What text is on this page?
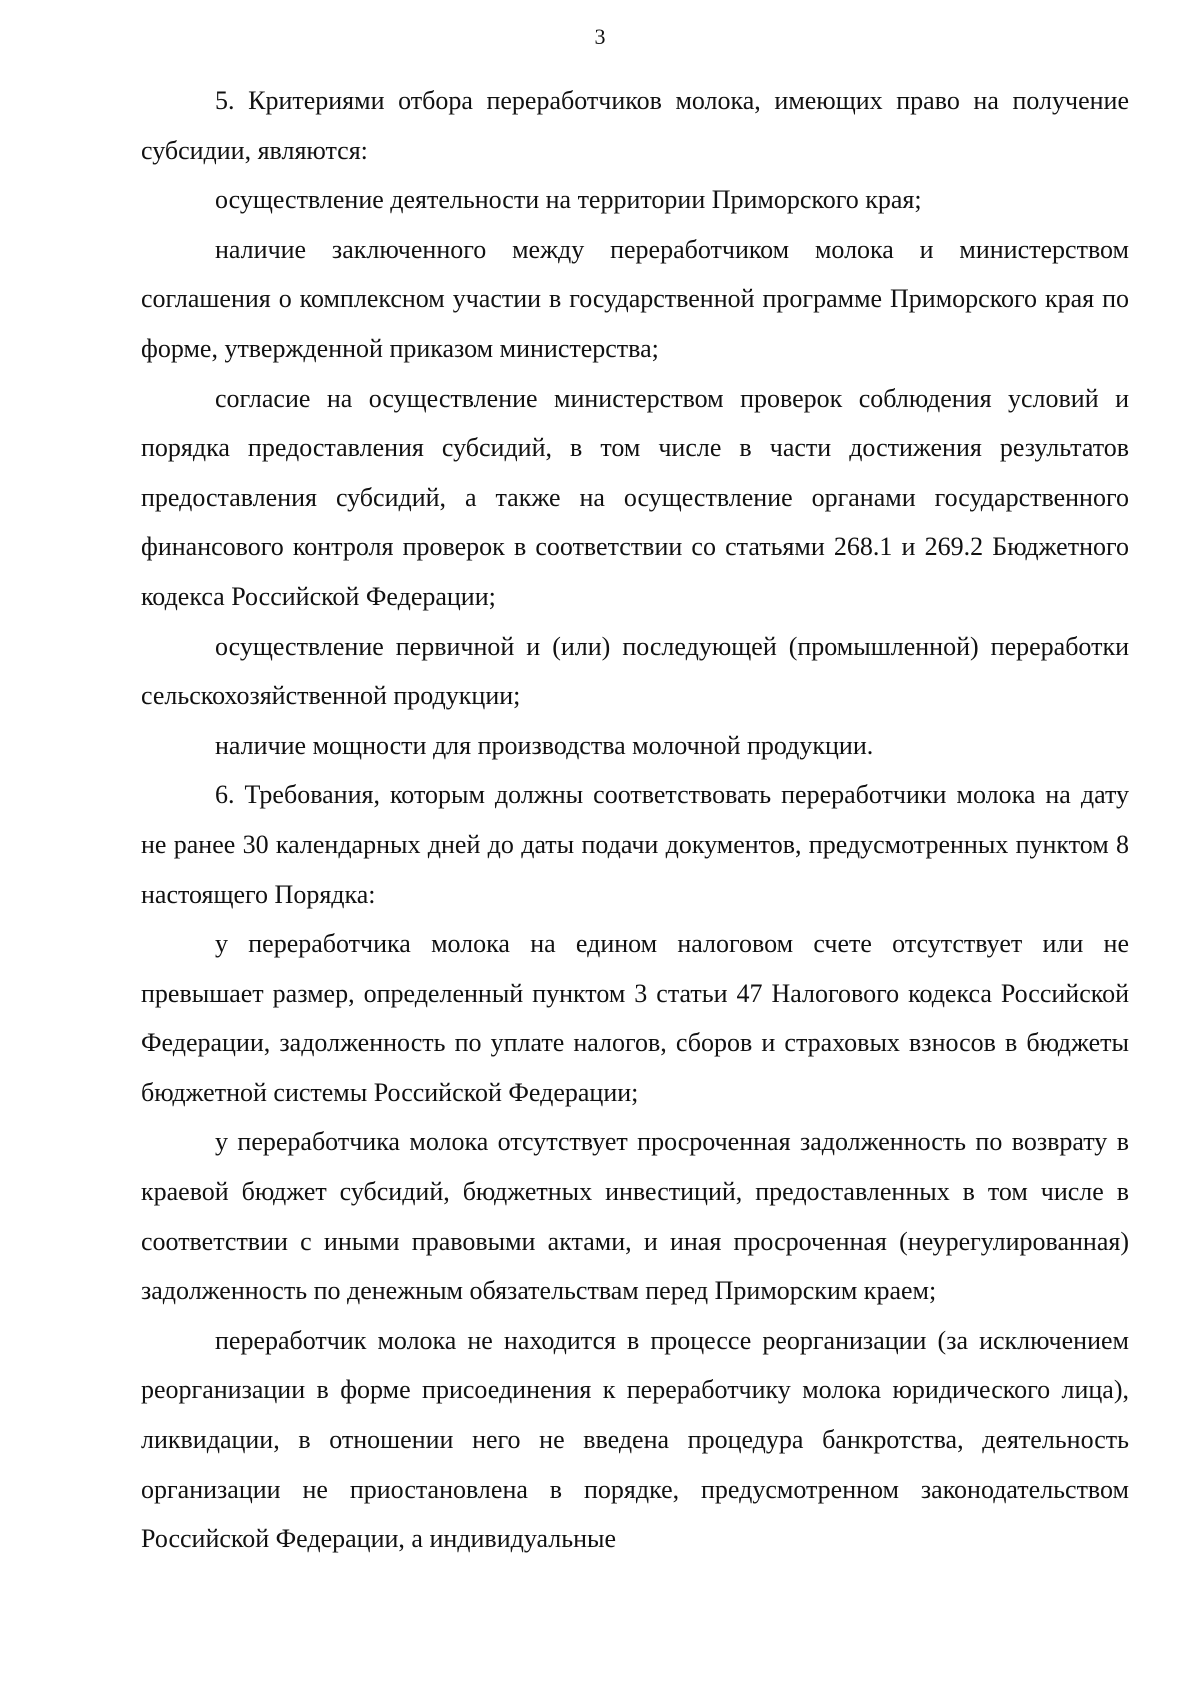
3

5. Критериями отбора переработчиков молока, имеющих право на получение субсидии, являются:

осуществление деятельности на территории Приморского края;

наличие заключенного между переработчиком молока и министерством соглашения о комплексном участии в государственной программе Приморского края по форме, утвержденной приказом министерства;

согласие на осуществление министерством проверок соблюдения условий и порядка предоставления субсидий, в том числе в части достижения результатов предоставления субсидий, а также на осуществление органами государственного финансового контроля проверок в соответствии со статьями 268.1 и 269.2 Бюджетного кодекса Российской Федерации;

осуществление первичной и (или) последующей (промышленной) переработки сельскохозяйственной продукции;

наличие мощности для производства молочной продукции.

6. Требования, которым должны соответствовать переработчики молока на дату не ранее 30 календарных дней до даты подачи документов, предусмотренных пунктом 8 настоящего Порядка:

у переработчика молока на едином налоговом счете отсутствует или не превышает размер, определенный пунктом 3 статьи 47 Налогового кодекса Российской Федерации, задолженность по уплате налогов, сборов и страховых взносов в бюджеты бюджетной системы Российской Федерации;

у переработчика молока отсутствует просроченная задолженность по возврату в краевой бюджет субсидий, бюджетных инвестиций, предоставленных в том числе в соответствии с иными правовыми актами, и иная просроченная (неурегулированная) задолженность по денежным обязательствам перед Приморским краем;

переработчик молока не находится в процессе реорганизации (за исключением реорганизации в форме присоединения к переработчику молока юридического лица), ликвидации, в отношении него не введена процедура банкротства, деятельность организации не приостановлена в порядке, предусмотренном законодательством Российской Федерации, а индивидуальные
